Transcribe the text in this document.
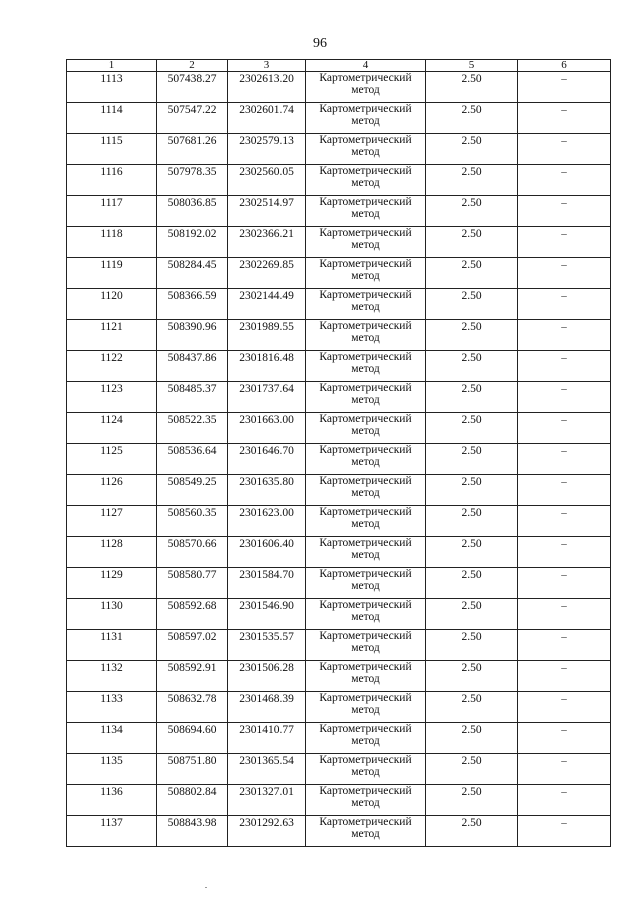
96
1	2	3	4	5	6
1113	507438.27	2302613.20	Картометрический метод	2.50	–
1114	507547.22	2302601.74	Картометрический метод	2.50	–
1115	507681.26	2302579.13	Картометрический метод	2.50	–
1116	507978.35	2302560.05	Картометрический метод	2.50	–
1117	508036.85	2302514.97	Картометрический метод	2.50	–
1118	508192.02	2302366.21	Картометрический метод	2.50	–
1119	508284.45	2302269.85	Картометрический метод	2.50	–
1120	508366.59	2302144.49	Картометрический метод	2.50	–
1121	508390.96	2301989.55	Картометрический метод	2.50	–
1122	508437.86	2301816.48	Картометрический метод	2.50	–
1123	508485.37	2301737.64	Картометрический метод	2.50	–
1124	508522.35	2301663.00	Картометрический метод	2.50	–
1125	508536.64	2301646.70	Картометрический метод	2.50	–
1126	508549.25	2301635.80	Картометрический метод	2.50	–
1127	508560.35	2301623.00	Картометрический метод	2.50	–
1128	508570.66	2301606.40	Картометрический метод	2.50	–
1129	508580.77	2301584.70	Картометрический метод	2.50	–
1130	508592.68	2301546.90	Картометрический метод	2.50	–
1131	508597.02	2301535.57	Картометрический метод	2.50	–
1132	508592.91	2301506.28	Картометрический метод	2.50	–
1133	508632.78	2301468.39	Картометрический метод	2.50	–
1134	508694.60	2301410.77	Картометрический метод	2.50	–
1135	508751.80	2301365.54	Картометрический метод	2.50	–
1136	508802.84	2301327.01	Картометрический метод	2.50	–
1137	508843.98	2301292.63	Картометрический метод	2.50	–
